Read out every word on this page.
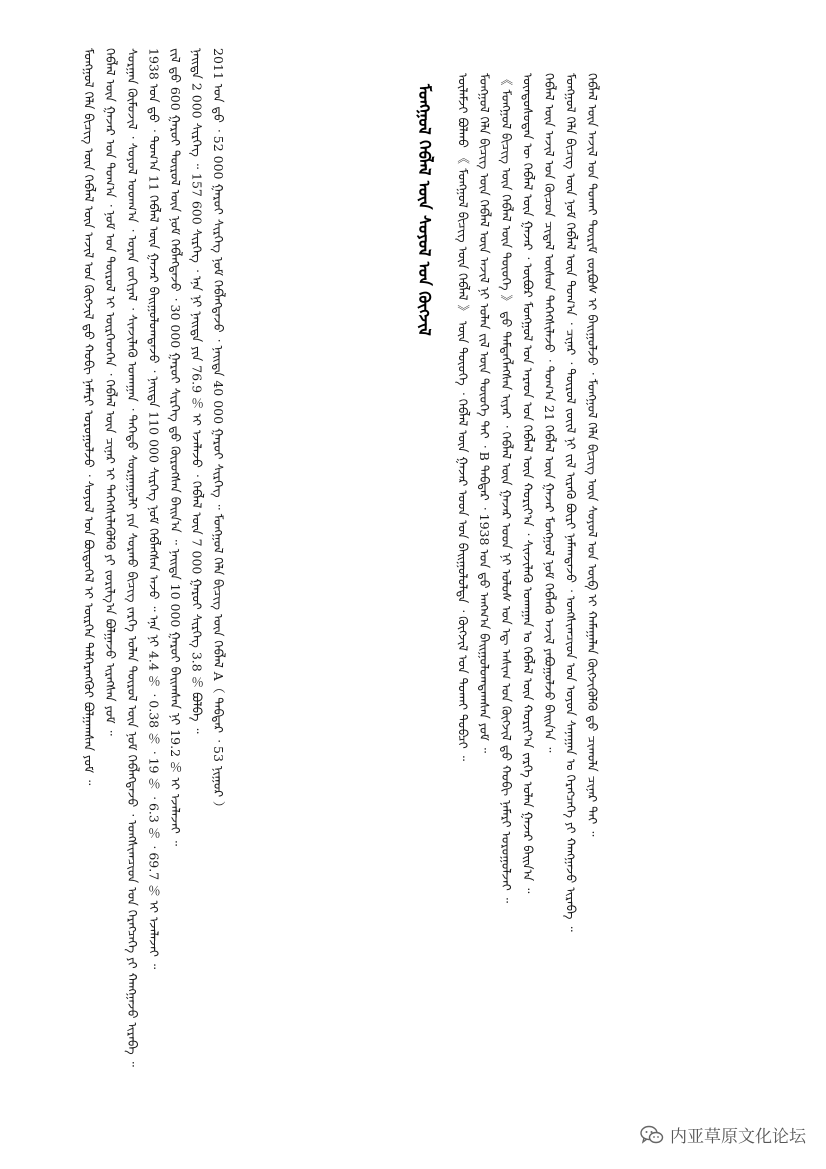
ᠮᠣᠩᠭᠣᠯ ᠬᠡᠯᠡ ᠪᠢᠴᠢᠭ ᠦᠨ ᠬᠡᠪᠯᠡᠯ ᠦᠨ ᠠᠵᠢᠯ ᠤᠨ ᠬᠥᠭᠵᠢᠯ ᠳ᠋ᠦ ᠬᠤᠪᠢ ᠨᠡᠮᠡᠷᠢ ᠣᠷᠣᠭᠤᠯᠵᠤ ᠂ ᠰᠣᠶᠣᠯ ᠤᠨ ᠪᠦᠲᠦᠭᠡᠯ ᠢ ᠥᠷᠭᠡᠨ ᠳᠡᠯᠭᠡᠷᠡᠩᠭᠦᠢ ᠪᠣᠯᠭᠠᠭᠰᠠᠨ ᠶᠤᠮ ᠃ ᠬᠡᠪᠯᠡᠯ ᠦᠨ ᠭᠠᠵᠠᠷ ᠤᠨ ᠲᠣᠭ᠎ᠠ ᠂ ᠨᠣᠮ ᠤᠨ ᠲᠥᠷᠥᠯ ᠢ ᠥᠷᠭᠡᠳᠬᠡᠨ ᠂ ᠬᠡᠪᠯᠡᠯ ᠦᠨ ᠴᠢᠨᠠᠷ ᠢ ᠳᠡᠭᠡᠭᠰᠢᠯᠡᠭᠦᠯᠬᠦ ᠶᠢ ᠵᠣᠷᠢᠯᠭ᠎ᠠ ᠪᠣᠯᠭᠠᠵᠤ ᠢᠷᠡᠭᠰᠡᠨ ᠶᠤᠮ ᠃ ᠰᠤᠷᠭᠠᠨ ᠬᠦᠮᠦᠵᠢᠯ ᠂ ᠰᠣᠶᠣᠯ ᠤᠳᠬ᠎ᠠ ᠂ ᠤᠷᠠᠨ ᠵᠣᠬᠢᠶᠠᠯ ᠂ ᠰᠢᠨᠵᠢᠯᠡᠬᠦ ᠤᠬᠠᠭᠠᠨ ᠂ ᠳᠡᠭᠡᠳᠦ ᠰᠤᠷᠭᠠᠭᠤᠯᠢ ᠶᠢᠨ ᠰᠤᠷᠬᠤ ᠪᠢᠴᠢᠭ ᠵᠡᠷᠭᠡ ᠣᠯᠠᠨ ᠲᠥᠷᠥᠯ ᠦᠨ ᠨᠣᠮ ᠬᠡᠪᠯᠡᠭᠳᠡᠵᠦ ᠂ ᠤᠩᠰᠢᠭᠴᠢᠳ ᠤᠨ ᠬᠡᠷᠡᠭᠴᠡᠭᠡ ᠶᠢ ᠬᠠᠩᠭᠠᠵᠤ ᠢᠷᠡᠪᠡ ᠃ 1938 ᠣᠨ ᠳ᠋ᠤ ᠂ ᠲᠣᠭ᠎ᠠ 11 ᠬᠡᠪᠯᠡᠯ ᠦᠨ ᠭᠠᠵᠠᠷ ᠪᠠᠢᠭᠤᠯᠤᠭᠳᠠᠵᠤ ᠂ ᠨᠡᠢᠲᠡ 110 000 ᠰᠢᠷᠬᠡᠭ ᠨᠣᠮ ᠬᠡᠪᠯᠡᠭᠰᠡᠨ ᠠᠵᠤ ᠃ ᠡᠨᠡ ᠨᠢ 4.4 ％ ᠂ 0.38 ％ ᠂ 19 ％ ᠂ 6.3 ％ ᠂ 69.7 ％ ᠢ ᠡᠵᠡᠯᠡᠵᠡᠢ ᠃ ᠵᠢᠯ ᠳ᠋ᠦ 600 ᠭᠠᠷᠤᠢ ᠲᠥᠷᠥᠯ ᠦᠨ ᠨᠣᠮ ᠬᠡᠪᠯᠡᠭᠳᠡᠵᠦ ᠂ 30 000 ᠭᠠᠷᠤᠢ ᠰᠢᠷᠬᠡᠭ ᠳ᠋ᠦ ᠬᠦᠷᠦᠭᠰᠡᠨ ᠪᠠᠢᠨ᠎ᠠ ᠃ ᠨᠡᠢᠲᠡ 10 000 ᠭᠠᠷᠤᠢ ᠪᠠᠢᠭᠰᠠᠨ ᠨᠢ 19.2 ％ ᠢ ᠡᠵᠡᠯᠡᠵᠡᠢ ᠃ ᠨᠡᠢᠲᠡ 2 000 ᠰᠢᠷᠬᠡᠭ ᠃ 157 600 ᠰᠢᠷᠬᠡᠭ ᠂ ᠡᠨᠡ ᠨᠢ ᠨᠡᠢᠲᠡ ᠶᠢᠨ 76.9 ％ ᠢ ᠡᠵᠡᠯᠡᠵᠦ ᠂ ᠬᠡᠪᠯᠡᠯ ᠦᠨ 7 000 ᠭᠠᠷᠤᠢ ᠰᠢᠷᠬᠡᠭ 3.8 ％ ᠪᠣᠯᠪᠠ ᠃ 2011 ᠣᠨ ᠳ᠋ᠤ ᠂ 52 000 ᠭᠠᠷᠤᠢ ᠰᠢᠷᠬᠡᠭ ᠨᠣᠮ ᠬᠡᠪᠯᠡᠭᠳᠡᠵᠦ ᠂ ᠨᠡᠢᠲᠡ 40 000 ᠭᠠᠷᠤᠢ ᠰᠢᠷᠬᠡᠭ ᠃ ᠮᠣᠩᠭᠣᠯ ᠬᠡᠯᠡ ᠪᠢᠴᠢᠭ ᠦᠨ ᠬᠡᠪᠯᠡᠯ A（ ᠳᠡᠪᠲᠡᠷ ᠂ 53 ᠨᠢᠭᠤᠷ ）	ᠮᠣᠩᠭᠣᠯ ᠬᠡᠪᠯᠡᠯ ᠦᠨ ᠰᠣᠶᠣᠯ ᠤᠨ ᠬᠥᠭᠵᠢᠯ	ᠦᠯᠡᠮᠵᠢ ᠪᠣᠯᠬᠤ 《 ᠮᠣᠩᠭᠣᠯ ᠪᠢᠴᠢᠭ ᠦᠨ ᠬᠡᠪᠯᠡᠯ 》 ᠦᠨ ᠲᠦᠦᠬᠡ ᠂ ᠬᠡᠪᠯᠡᠯ ᠦᠨ ᠭᠠᠵᠠᠷ ᠤᠳ ᠤᠨ ᠪᠠᠢᠭᠤᠯᠤᠯᠲᠠ ᠂ ᠬᠥᠭᠵᠢᠯ ᠤᠨ ᠲᠤᠬᠠᠢ ᠲᠣᠪᠴᠢ ᠃ ᠮᠣᠩᠭᠣᠯ ᠬᠡᠯᠡ ᠪᠢᠴᠢᠭ ᠦᠨ ᠬᠡᠪᠯᠡᠯ ᠦᠨ ᠠᠵᠢᠯ ᠨᠢ ᠣᠯᠠᠨ ᠵᠢᠯ ᠦᠨ ᠲᠦᠦᠬᠡ ᠲᠠᠢ ᠂ B ᠳᠡᠪᠲᠡᠷ ᠂ 1938 ᠣᠨ ᠳ᠋ᠤ ᠠᠩᠬ᠎ᠠ ᠪᠠᠢᠭᠤᠯᠤᠭᠳᠠᠭᠰᠠᠨ ᠶᠤᠮ ᠃ 《 ᠮᠣᠩᠭᠣᠯ ᠪᠢᠴᠢᠭ ᠦᠨ ᠬᠡᠪᠯᠡᠯ ᠦᠨ ᠲᠦᠦᠬᠡ 》 ᠳ᠋ᠦ ᠲᠡᠮᠳᠡᠭᠯᠡᠭᠰᠡᠨ ᠢᠶᠡᠷ ᠂ ᠬᠡᠪᠯᠡᠯ ᠦᠨ ᠭᠠᠵᠠᠷ ᠤᠳ ᠨᠢ ᠤᠯᠤᠰ ᠤᠨ ᠡᠳ᠋ ᠠᠰᠢᠭ ᠤᠨ ᠬᠥᠭᠵᠢᠯ ᠳ᠋ᠦ ᠬᠤᠪᠢ ᠨᠡᠮᠡᠷᠢ ᠣᠷᠣᠭᠤᠯᠵᠠᠢ ᠃ ᠦᠨᠳᠦᠰᠦᠲᠡᠨ ᠦ ᠬᠡᠪᠯᠡᠯ ᠦᠨ ᠭᠠᠵᠠᠷ ᠂ ᠥᠪᠥᠷ ᠮᠣᠩᠭᠣᠯ ᠤᠨ ᠠᠷᠠᠳ ᠤᠨ ᠬᠡᠪᠯᠡᠯ ᠦᠨ ᠬᠣᠷᠢᠶ᠎ᠠ ᠂ ᠰᠢᠨᠵᠢᠯᠡᠬᠦ ᠤᠬᠠᠭᠠᠨ ᠤ ᠬᠡᠪᠯᠡᠯ ᠦᠨ ᠬᠣᠷᠢᠶ᠎ᠠ ᠵᠡᠷᠭᠡ ᠣᠯᠠᠨ ᠭᠠᠵᠠᠷ ᠪᠠᠢᠨ᠎ᠠ ᠃ ᠬᠡᠪᠯᠡᠯ ᠦᠨ ᠠᠵᠢᠯ ᠤᠨ ᠬᠦᠴᠦᠨ ᠴᠢᠳᠠᠯ ᠥᠰᠦᠨ ᠳᠡᠭᠡᠭᠰᠢᠯᠡᠵᠦ ᠂ ᠲᠣᠭ᠎ᠠ 21 ᠬᠡᠪᠯᠡᠯ ᠦᠨ ᠭᠠᠵᠠᠷ ᠮᠣᠩᠭᠣᠯ ᠨᠣᠮ ᠬᠡᠪᠯᠡᠬᠦ ᠠᠵᠢᠯ ᠶᠠᠪᠤᠭᠤᠯᠵᠤ ᠪᠠᠢᠨ᠎ᠠ ᠃ ᠮᠣᠩᠭᠣᠯ ᠬᠡᠯᠡ ᠪᠢᠴᠢᠭ ᠦᠨ ᠨᠣᠮ ᠬᠡᠪᠯᠡᠯ ᠦᠨ ᠲᠣᠭ᠎ᠠ ᠂ ᠴᠢᠨᠠᠷ ᠂ ᠲᠥᠷᠥᠯ ᠵᠦᠢᠯ ᠨᠢ ᠵᠢᠯ ᠢᠷᠡᠬᠦ ᠪᠦᠷᠢ ᠨᠡᠮᠡᠭ᠍ᠳᠡᠵᠦ ᠂ ᠤᠩᠰᠢᠭᠴᠢᠳ ᠤᠨ ᠣᠶᠤᠨ ᠰᠠᠨᠠᠭᠠᠨ ᠤ ᠬᠡᠷᠡᠭᠴᠡᠭᠡ ᠶᠢ ᠬᠠᠩᠭᠠᠵᠤ ᠢᠷᠡᠪᠡ ᠃ ᠬᠡᠪᠯᠡᠯ ᠦᠨ ᠠᠵᠢᠯ ᠤᠨ ᠲᠤᠬᠠᠢ ᠳᠦᠷᠢᠮ ᠵᠤᠷᠪᠤᠰ ᠢ ᠪᠠᠢᠭᠤᠯᠵᠤ ᠂ ᠮᠣᠩᠭᠣᠯ ᠬᠡᠯᠡ ᠪᠢᠴᠢᠭ ᠦᠨ ᠰᠣᠶᠣᠯ ᠤᠨ ᠥᠪ ᠢ ᠬᠠᠮᠠᠭᠠᠯᠠᠨ ᠬᠥᠭᠵᠢᠭᠦᠯᠬᠦ ᠳ᠋ᠦ ᠴᠢᠬᠤᠯᠠ ᠴᠢᠨᠠᠷ ᠲᠠᠢ ᠃
内亚草原文化论坛
